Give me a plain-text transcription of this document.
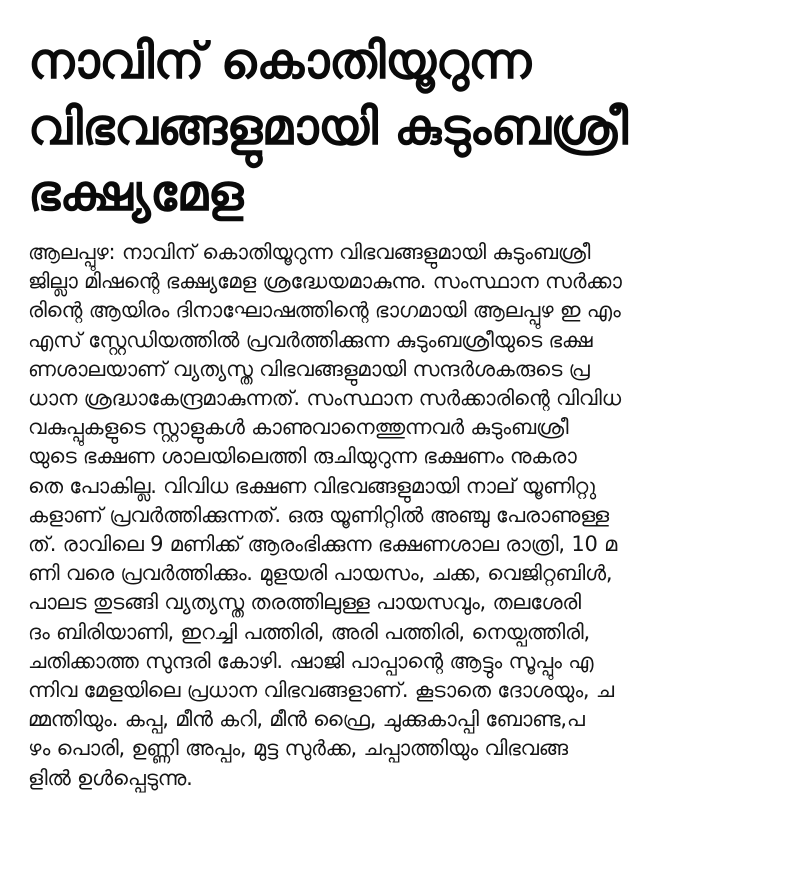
നാവിന് കൊതിയൂറുന്ന
വിഭവങ്ങളുമായി കുടുംബശ്രീ
ഭക്ഷ്യമേള
ആലപ്പുഴ: നാവിന് കൊതിയൂറുന്ന വിഭവങ്ങളുമായി കുടുംബശ്രീ
ജില്ലാ മിഷന്റെ ഭക്ഷ്യമേള ശ്രദ്ധേയമാകുന്നു. സംസ്ഥാന സർക്കാ
രിന്റെ ആയിരം ദിനാഘോഷത്തിന്റെ ഭാഗമായി ആലപ്പുഴ ഇ എം
എസ് സ്റ്റേഡിയത്തിൽ പ്രവർത്തിക്കുന്ന കുടുംബശ്രീയുടെ ഭക്ഷ
ണശാലയാണ് വ്യത്യസ്ത വിഭവങ്ങളുമായി സന്ദർശകരുടെ പ്ര
ധാന ശ്രദ്ധാകേന്ദ്രമാകുന്നത്. സംസ്ഥാന സർക്കാരിന്റെ വിവിധ
വകുപ്പുകളുടെ സ്റ്റാളുകൾ കാണുവാനെത്തുന്നവർ കുടുംബശ്രീ
യുടെ ഭക്ഷണ ശാലയിലെത്തി രുചിയുറുന്ന ഭക്ഷണം നുകരാ
തെ പോകില്ല. വിവിധ ഭക്ഷണ വിഭവങ്ങളുമായി നാല് യൂണിറ്റു
കളാണ് പ്രവർത്തിക്കുന്നത്. ഒരു യൂണിറ്റിൽ അഞ്ചു പേരാണുള്ള
ത്. രാവിലെ 9 മണിക്ക് ആരംഭിക്കുന്ന ഭക്ഷണശാല രാത്രി, 10 മ
ണി വരെ പ്രവർത്തിക്കും. മുളയരി പായസം, ചക്ക, വെജിറ്റബിൾ,
പാലട തുടങ്ങി വ്യത്യസ്ത തരത്തിലുള്ള പായസവും, തലശേരി
ദം ബിരിയാണി, ഇറച്ചി പത്തിരി, അരി പത്തിരി, നെയ്പത്തിരി,
ചതിക്കാത്ത സുന്ദരി കോഴി. ഷാജി പാപ്പാന്റെ ആട്ടും സൂപ്പും എ
ന്നിവ മേളയിലെ പ്രധാന വിഭവങ്ങളാണ്. കൂടാതെ ദോശയും, ച
മ്മന്തിയും. കപ്പ, മീൻ കറി, മീൻ ഫ്രൈ, ചുക്കുകാപ്പി ബോണ്ട,പ
ഴം പൊരി, ഉണ്ണി അപ്പം, മുട്ട സുർക്ക, ചപ്പാത്തിയും വിഭവങ്ങ
ളിൽ ഉൾപ്പെടുന്നു.
